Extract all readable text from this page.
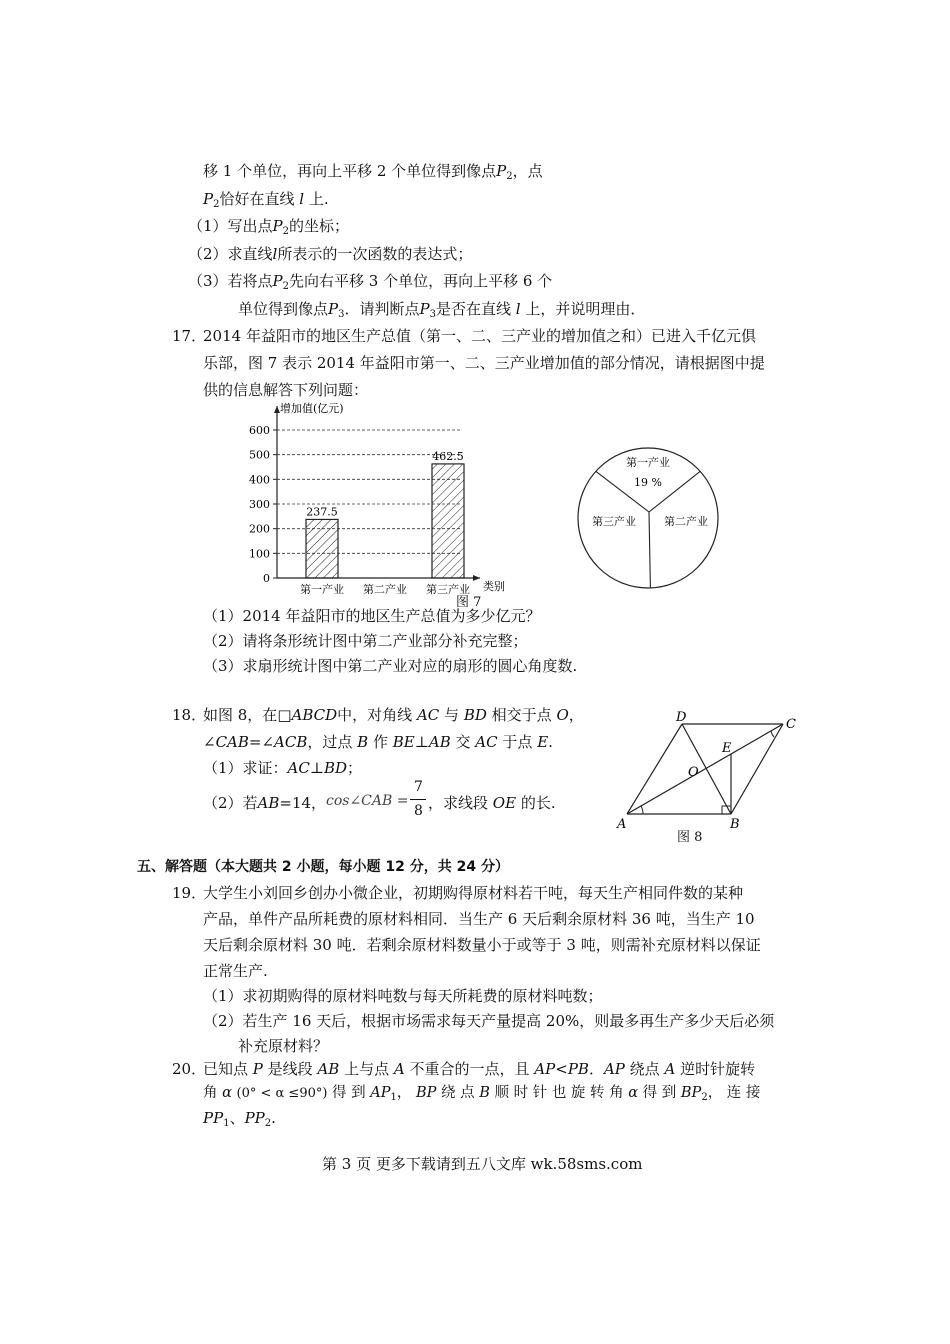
移 1 个单位，再向上平移 2 个单位得到像点$P_2$，点
$P_2$恰好在直线 l 上.
（1）写出点$P_2$的坐标；
（2）求直线l所表示的一次函数的表达式；
（3）若将点$P_2$先向右平移 3 个单位，再向上平移 6 个
单位得到像点$P_3$．请判断点$P_3$是否在直线 l 上，并说明理由．
17．
2014 年益阳市的地区生产总值（第一、二、三产业的增加值之和）已进入千亿元俱
乐部，图 7 表示 2014 年益阳市第一、二、三产业增加值的部分情况，请根据图中提
供的信息解答下列问题：
增加值(亿元)
类别
0
100
200
300
400
500
600
第一产业
237.5
第二产业 第三产业
462.5	第一产业
19 %
第二产业
第三产业
图 7
（1）2014 年益阳市的地区生产总值为多少亿元？
（2）请将条形统计图中第二产业部分补充完整；
（3）求扇形统计图中第二产业对应的扇形的圆心角度数.
18．
如图 8，在□ABCD中，对角线 AC 与 BD 相交于点 O，
∠CAB=∠ACB，过点 B 作 BE⊥AB 交 AC 于点 E.
（1）求证：AC⊥BD；
（2）若AB=14， cos∠CAB =
7
8 ，求线段 OE 的长.
D	C
E
O
A	B
图 8
五、解答题（本大题共 2 小题，每小题 12 分，共 24 分）
19．
大学生小刘回乡创办小微企业，初期购得原材料若干吨，每天生产相同件数的某种
产品，单件产品所耗费的原材料相同．当生产 6 天后剩余原材料 36 吨，当生产 10
天后剩余原材料 30 吨．若剩余原材料数量小于或等于 3 吨，则需补充原材料以保证
正常生产.
（1）求初期购得的原材料吨数与每天所耗费的原材料吨数；
（2）若生产 16 天后，根据市场需求每天产量提高 20%，则最多再生产多少天后必须
补充原材料？
20．
已知点 P 是线段 AB 上与点 A 不重合的一点，且 AP<PB．AP 绕点 A 逆时针旋转
角 α (0° < α ≤90°) 得 到 $AP_1$， BP 绕 点 B 顺 时 针 也 旋 转 角 α 得 到 $BP_2$， 连 接
$PP_1$、$PP_2$.
第 3 页 更多下载请到五八文库 wk.58sms.com
